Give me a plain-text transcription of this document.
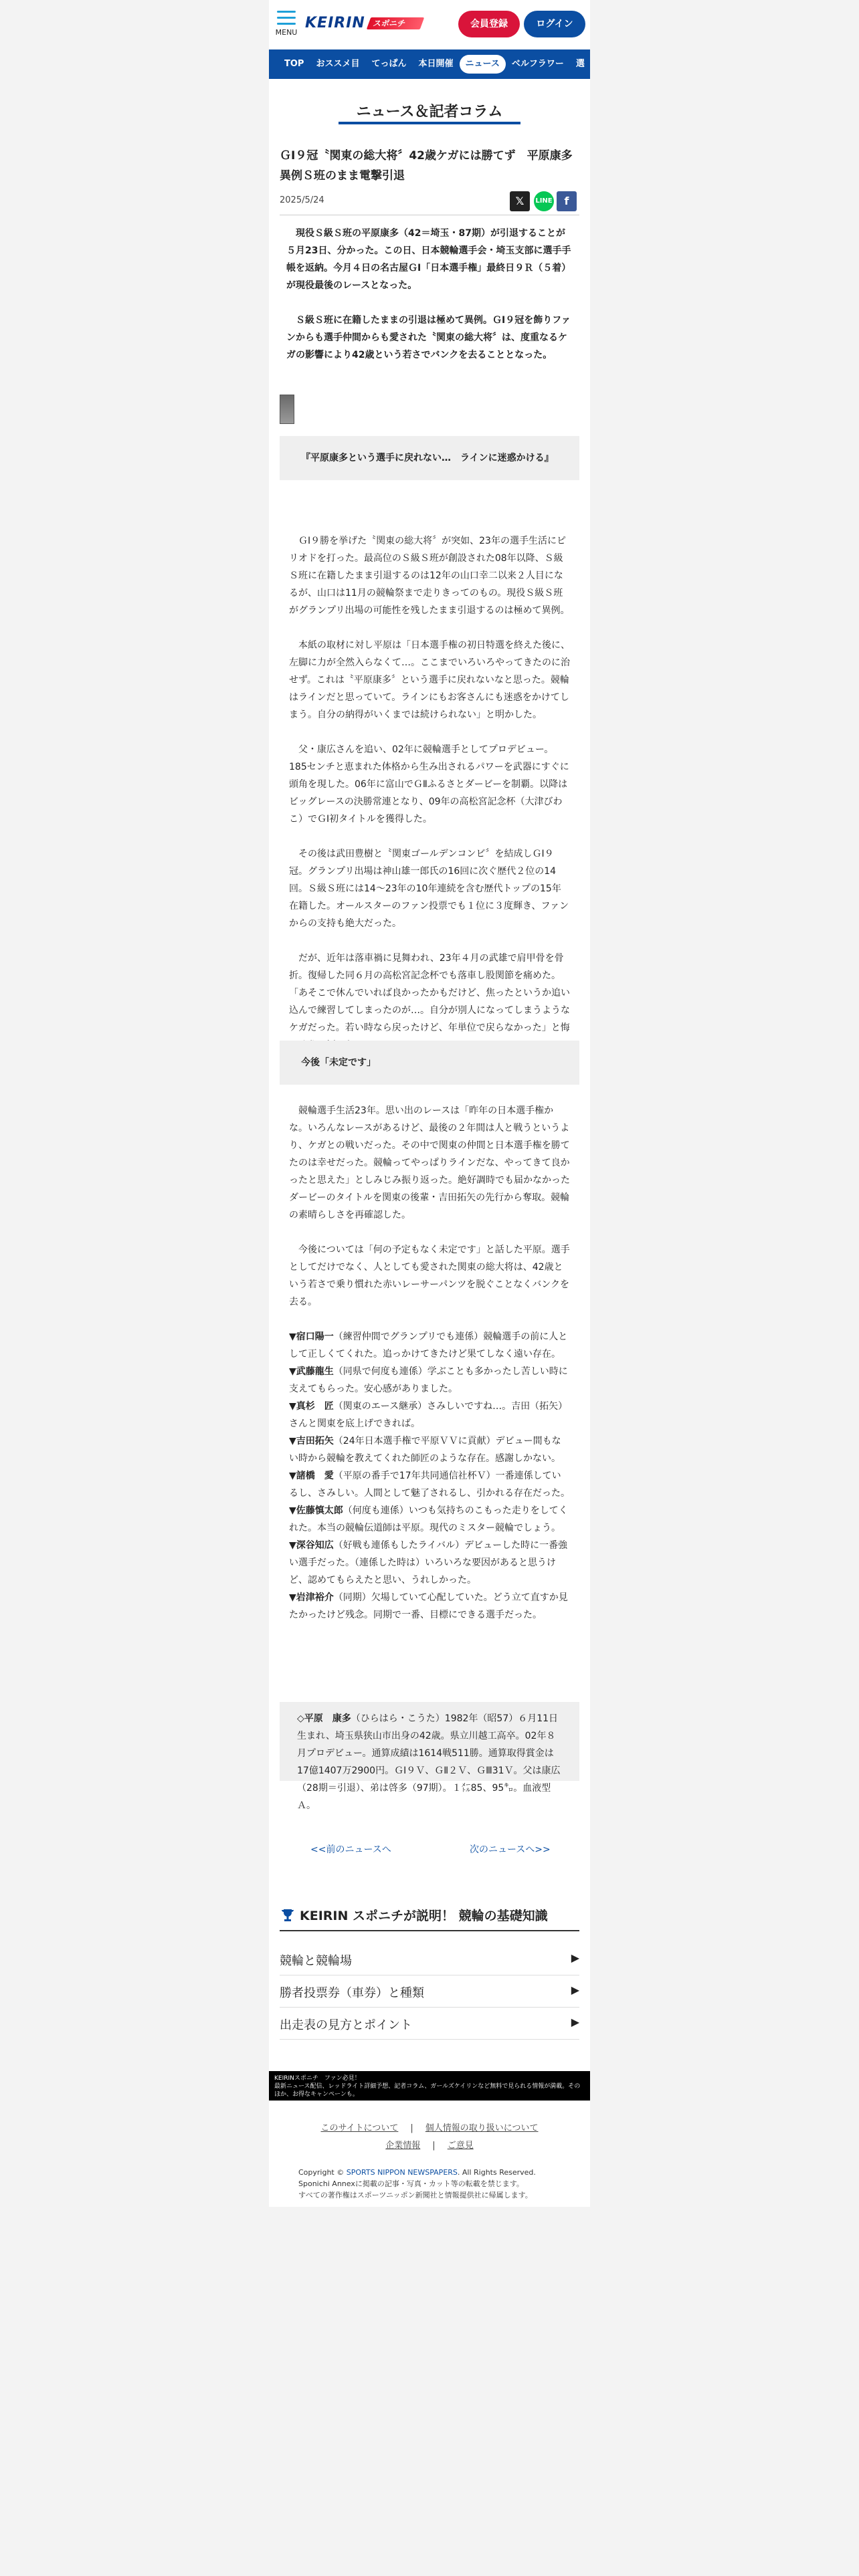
MENU
KEIRIN スポニチ	会員登録	ログイン
TOP おススメ目 てっぱん 本日開催 ニュース ベルフラワー 選
ニュース＆記者コラム
ＧⅠ９冠〝関東の総大将〞42歳ケガには勝てず　平原康多　異例Ｓ班のまま電撃引退
2025/5/24	𝕏	LINE	f

　現役Ｓ級Ｓ班の平原康多（42＝埼玉・87期）が引退することが５月23日、分かった。この日、日本競輪選手会・埼玉支部に選手手帳を返納。今月４日の名古屋ＧⅠ「日本選手権」最終日９Ｒ（５着）が現役最後のレースとなった。

　Ｓ級Ｓ班に在籍したままの引退は極めて異例。ＧⅠ９冠を飾りファンからも選手仲間からも愛された〝関東の総大将〞は、度重なるケガの影響により42歳という若さでバンクを去ることとなった。

『平原康多という選手に戻れない…　ラインに迷惑かける』

　ＧⅠ９勝を挙げた〝関東の総大将〞が突如、23年の選手生活にピリオドを打った。最高位のＳ級Ｓ班が創設された08年以降、Ｓ級Ｓ班に在籍したまま引退するのは12年の山口幸二以来２人目になるが、山口は11月の競輪祭まで走りきってのもの。現役Ｓ級Ｓ班がグランプリ出場の可能性を残したまま引退するのは極めて異例。

　本紙の取材に対し平原は「日本選手権の初日特選を終えた後に、左脚に力が全然入らなくて…。ここまでいろいろやってきたのに治せず。これは〝平原康多〞という選手に戻れないなと思った。競輪はラインだと思っていて。ラインにもお客さんにも迷惑をかけてしまう。自分の納得がいくまでは続けられない」と明かした。

　父・康広さんを追い、02年に競輪選手としてプロデビュー。185センチと恵まれた体格から生み出されるパワーを武器にすぐに頭角を現した。06年に富山でＧⅡふるさとダービーを制覇。以降はビッグレースの決勝常連となり、09年の高松宮記念杯（大津びわこ）でＧⅠ初タイトルを獲得した。

　その後は武田豊樹と〝関東ゴールデンコンビ〞を結成しＧⅠ９冠。グランプリ出場は神山雄一郎氏の16回に次ぐ歴代２位の14回。Ｓ級Ｓ班には14～23年の10年連続を含む歴代トップの15年在籍した。オールスターのファン投票でも１位に３度輝き、ファンからの支持も絶大だった。

　だが、近年は落車禍に見舞われ、23年４月の武雄で肩甲骨を骨折。復帰した同６月の高松宮記念杯でも落車し股関節を痛めた。「あそこで休んでいれば良かったかもだけど、焦ったというか追い込んで練習してしまったのが…。自分が別人になってしまうようなケガだった。若い時なら戻ったけど、年単位で戻らなかった」と悔

今後「未定です」

　競輪選手生活23年。思い出のレースは「昨年の日本選手権かな。いろんなレースがあるけど、最後の２年間は人と戦うというより、ケガとの戦いだった。その中で関東の仲間と日本選手権を勝てたのは幸せだった。競輪ってやっぱりラインだな、やってきて良かったと思えた」としみじみ振り返った。絶好調時でも届かなかったダービーのタイトルを関東の後輩・吉田拓矢の先行から奪取。競輪の素晴らしさを再確認した。

　今後については「何の予定もなく未定です」と話した平原。選手としてだけでなく、人としても愛された関東の総大将は、42歳という若さで乗り慣れた赤いレーサーパンツを脱ぐことなくバンクを去る。

▼宿口陽一（練習仲間でグランプリでも連係）競輪選手の前に人として正しくてくれた。追っかけてきたけど果てしなく遠い存在。

▼武藤龍生（同県で何度も連係）学ぶことも多かったし苦しい時に支えてもらった。安心感がありました。

▼真杉　匠（関東のエース継承）さみしいですね…。吉田（拓矢）さんと関東を底上げできれば。

▼吉田拓矢（24年日本選手権で平原ＶＶに貢献）デビュー間もない時から競輪を教えてくれた師匠のような存在。感謝しかない。

▼諸橋　愛（平原の番手で17年共同通信社杯Ｖ）一番連係しているし、さみしい。人間として魅了されるし、引かれる存在だった。

▼佐藤慎太郎（何度も連係）いつも気持ちのこもった走りをしてくれた。本当の競輪伝道師は平原。現代のミスター競輪でしょう。

▼深谷知広（好戦も連係もしたライバル）デビューした時に一番強い選手だった。（連係した時は）いろいろな要因があると思うけど、認めてもらえたと思い、うれしかった。

▼岩津裕介（同期）欠場していて心配していた。どう立て直すか見たかったけど残念。同期で一番、目標にできる選手だった。

◇平原　康多（ひらはら・こうた）1982年（昭57）６月11日生まれ、埼玉県狭山市出身の42歳。県立川越工高卒。02年８月プロデビュー。通算成績は1614戦511勝。通算取得賞金は17億1407万2900円。ＧⅠ９Ｖ、ＧⅡ２Ｖ、ＧⅢ31Ｖ。父は康広（28期＝引退）、弟は啓多（97期）。１㍍85、95㌔。血液型Ａ。
<<前のニュースへ	次のニュースへ>>
KEIRIN スポニチが説明！ 競輪の基礎知識
競輪と競輪場	▶
勝者投票券（車券）と種類	▶
出走表の見方とポイント	▶
KEIRINスポニチ　ファン必見！
最新ニュース配信、レッドライト詳細予想、記者コラム、ガールズケイリンなど無料で見られる情報が満載。そのほか、お得なキャンペーンも。
このサイトについて | 個人情報の取り扱いについて
企業情報 | ご意見
Copyright © SPORTS NIPPON NEWSPAPERS. All Rights Reserved.
Sponichi Annexに掲載の記事・写真・カット等の転載を禁じます。
すべての著作権はスポーツニッポン新聞社と情報提供社に帰属します。
